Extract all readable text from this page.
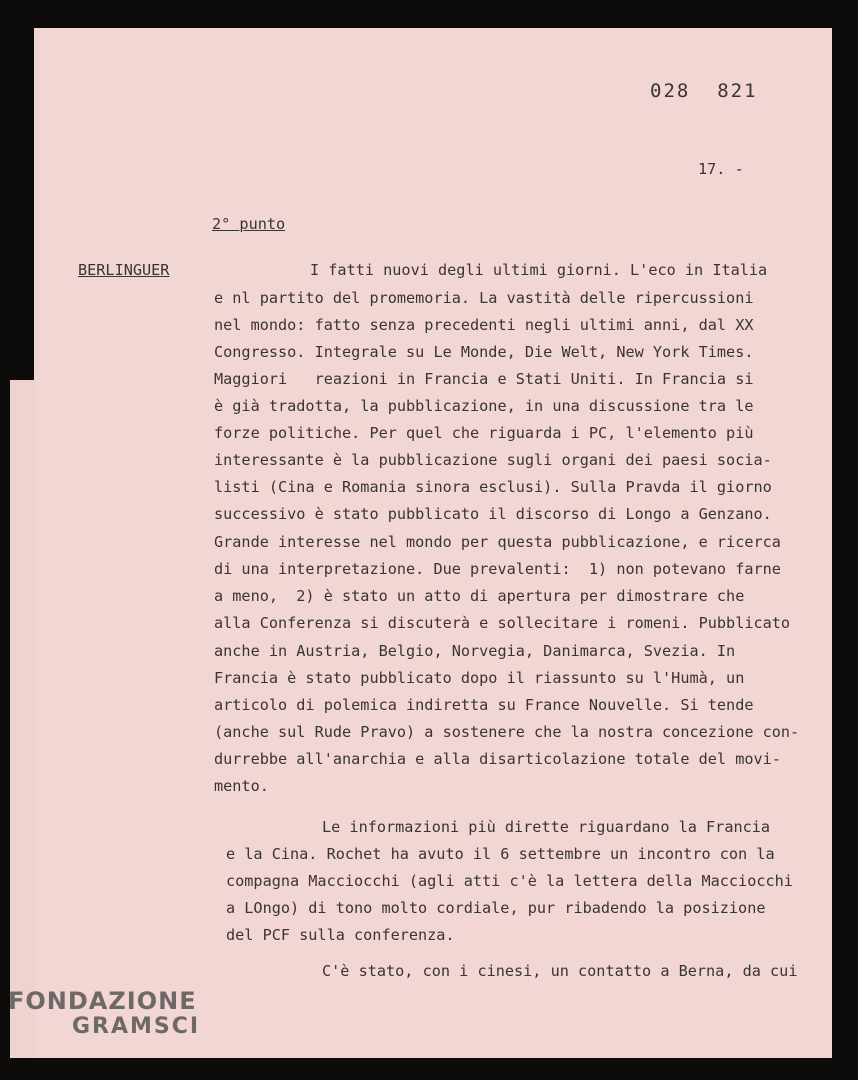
028  821
17. -
2° punto
BERLINGUER	I fatti nuovi degli ultimi giorni. L'eco in Italia
e nl partito del promemoria. La vastità delle ripercussioni
nel mondo: fatto senza precedenti negli ultimi anni, dal XX
Congresso. Integrale su Le Monde, Die Welt, New York Times.
Maggiori   reazioni in Francia e Stati Uniti. In Francia si
è già tradotta, la pubblicazione, in una discussione tra le
forze politiche. Per quel che riguarda i PC, l'elemento più
interessante è la pubblicazione sugli organi dei paesi socia-
listi (Cina e Romania sinora esclusi). Sulla Pravda il giorno
successivo è stato pubblicato il discorso di Longo a Genzano.
Grande interesse nel mondo per questa pubblicazione, e ricerca
di una interpretazione. Due prevalenti:  1) non potevano farne
a meno,  2) è stato un atto di apertura per dimostrare che
alla Conferenza si discuterà e sollecitare i romeni. Pubblicato
anche in Austria, Belgio, Norvegia, Danimarca, Svezia. In
Francia è stato pubblicato dopo il riassunto su l'Humà, un
articolo di polemica indiretta su France Nouvelle. Si tende
(anche sul Rude Pravo) a sostenere che la nostra concezione con-
durrebbe all'anarchia e alla disarticolazione totale del movi-
mento.
Le informazioni più dirette riguardano la Francia
e la Cina. Rochet ha avuto il 6 settembre un incontro con la
compagna Macciocchi (agli atti c'è la lettera della Macciocchi
a LOngo) di tono molto cordiale, pur ribadendo la posizione
del PCF sulla conferenza.
C'è stato, con i cinesi, un contatto a Berna, da cui
FONDAZIONE
GRAMSCI
